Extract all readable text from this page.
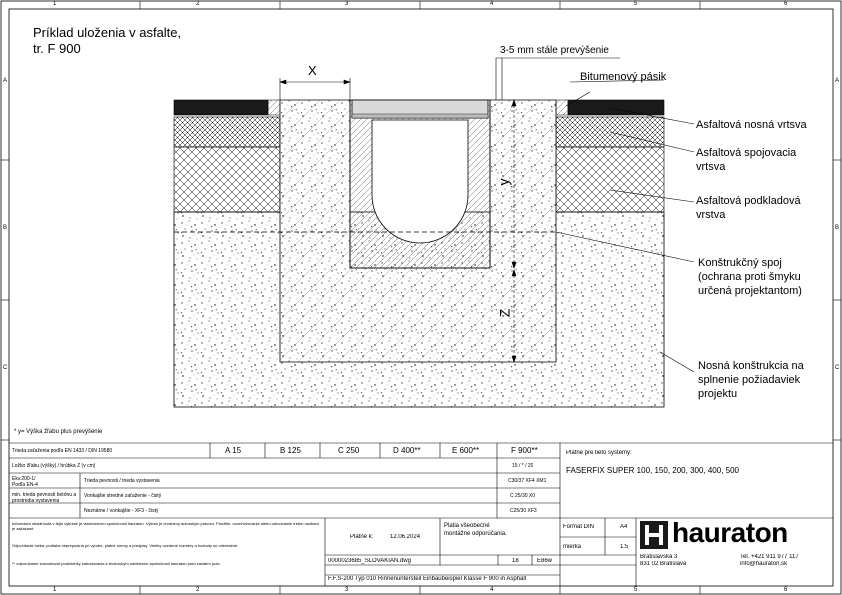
1	2	3	4	5	6
1	2	3	4	5	6
A
B
C
A
B
C
Príklad uloženia v asfalte,
tr. F 900
X
y
Z
3-5 mm stále prevýšenie
Bitumenový pásik
Asfaltová nosná vrtsva
Asfaltová spojovacia
vrtsva
Asfaltová podkladová
vrstva
Konštrukčný spoj
(ochrana proti šmyku
určená projektantom)
Nosná konštrukcia na
splnenie požiadaviek
projektu
* y= Výška žľabu plus prevýšenie
Trieda zaťaženia podľa EN 1433 / DIN 19580	A 15	B 125	C 250	D 400**	E 600**	F 900**
Ložko žľabu (výšky) / hrúbka Z (v cm)	15 / * / 20
Ekv.200-1/
Podľa EN-4
Trieda pevnosti / trieda vystavenia	C30/37 XF4 XM1
min. trieda pevnosti betónu a
prostredia vystavenia
Vonkajšie stredné zaťaženie - čistý	C 25/30 X0
Neznáme / vonkajšie - XF3 - čistý	C25/30 XF3
Platné pre tieto systémy:
FASERFIX SUPER 100, 150, 200, 300, 400, 500
Informácia obsiahnutá v tejto výkrese je vlastníctvom spoločnosti hauraton. Výkres je chránený autorským právom. Použitie, rozmnožovanie alebo odovzdanie tretím osobám je zakázané.
Odpočítanie ložka: podlaha neprepustná pri výrobe, platné normy a predpisy. Všetky uvedené rozmery a hodnoty sú orientačné.
** odporúčame konzultovať podmienky zabudovania s technickým oddelením spoločnosti hauraton pred začatím prác.
Platné k:	12.06.2024
Platia všeobecné
montážne odporúčania.
Formát DIN	A4
mierka	1:5
0000023685_SLOVAKIAN.dwg	18	E86w
F.F.S-200 Typ 010 Rinnenuntersteil Einbaubeispiel Klasse F 900 in Asphalt
hauraton
Bratislavská 3
831 02 Bratislava
Tel. +421 911 977 117
info@hauraton.sk
